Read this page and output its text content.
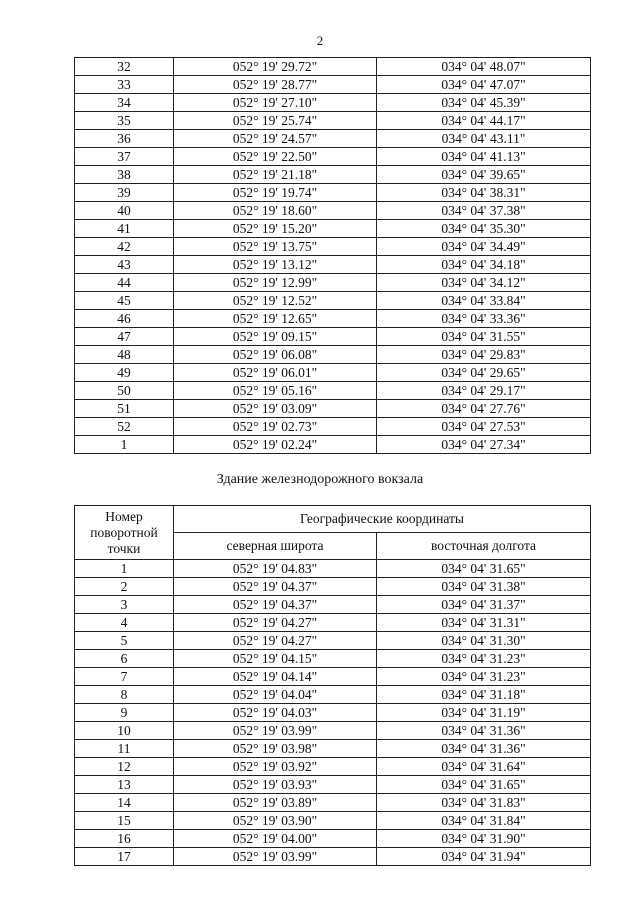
2
32	052° 19' 29.72"	034° 04' 48.07"
33	052° 19' 28.77"	034° 04' 47.07"
34	052° 19' 27.10"	034° 04' 45.39"
35	052° 19' 25.74"	034° 04' 44.17"
36	052° 19' 24.57"	034° 04' 43.11"
37	052° 19' 22.50"	034° 04' 41.13"
38	052° 19' 21.18"	034° 04' 39.65"
39	052° 19' 19.74"	034° 04' 38.31"
40	052° 19' 18.60"	034° 04' 37.38"
41	052° 19' 15.20"	034° 04' 35.30"
42	052° 19' 13.75"	034° 04' 34.49"
43	052° 19' 13.12"	034° 04' 34.18"
44	052° 19' 12.99"	034° 04' 34.12"
45	052° 19' 12.52"	034° 04' 33.84"
46	052° 19' 12.65"	034° 04' 33.36"
47	052° 19' 09.15"	034° 04' 31.55"
48	052° 19' 06.08"	034° 04' 29.83"
49	052° 19' 06.01"	034° 04' 29.65"
50	052° 19' 05.16"	034° 04' 29.17"
51	052° 19' 03.09"	034° 04' 27.76"
52	052° 19' 02.73"	034° 04' 27.53"
1	052° 19' 02.24"	034° 04' 27.34"
Здание железнодорожного вокзала
Номер поворотной точки	Географические координаты	
	северная широта	восточная долгота
1	052° 19' 04.83"	034° 04' 31.65"
2	052° 19' 04.37"	034° 04' 31.38"
3	052° 19' 04.37"	034° 04' 31.37"
4	052° 19' 04.27"	034° 04' 31.31"
5	052° 19' 04.27"	034° 04' 31.30"
6	052° 19' 04.15"	034° 04' 31.23"
7	052° 19' 04.14"	034° 04' 31.23"
8	052° 19' 04.04"	034° 04' 31.18"
9	052° 19' 04.03"	034° 04' 31.19"
10	052° 19' 03.99"	034° 04' 31.36"
11	052° 19' 03.98"	034° 04' 31.36"
12	052° 19' 03.92"	034° 04' 31.64"
13	052° 19' 03.93"	034° 04' 31.65"
14	052° 19' 03.89"	034° 04' 31.83"
15	052° 19' 03.90"	034° 04' 31.84"
16	052° 19' 04.00"	034° 04' 31.90"
17	052° 19' 03.99"	034° 04' 31.94"
